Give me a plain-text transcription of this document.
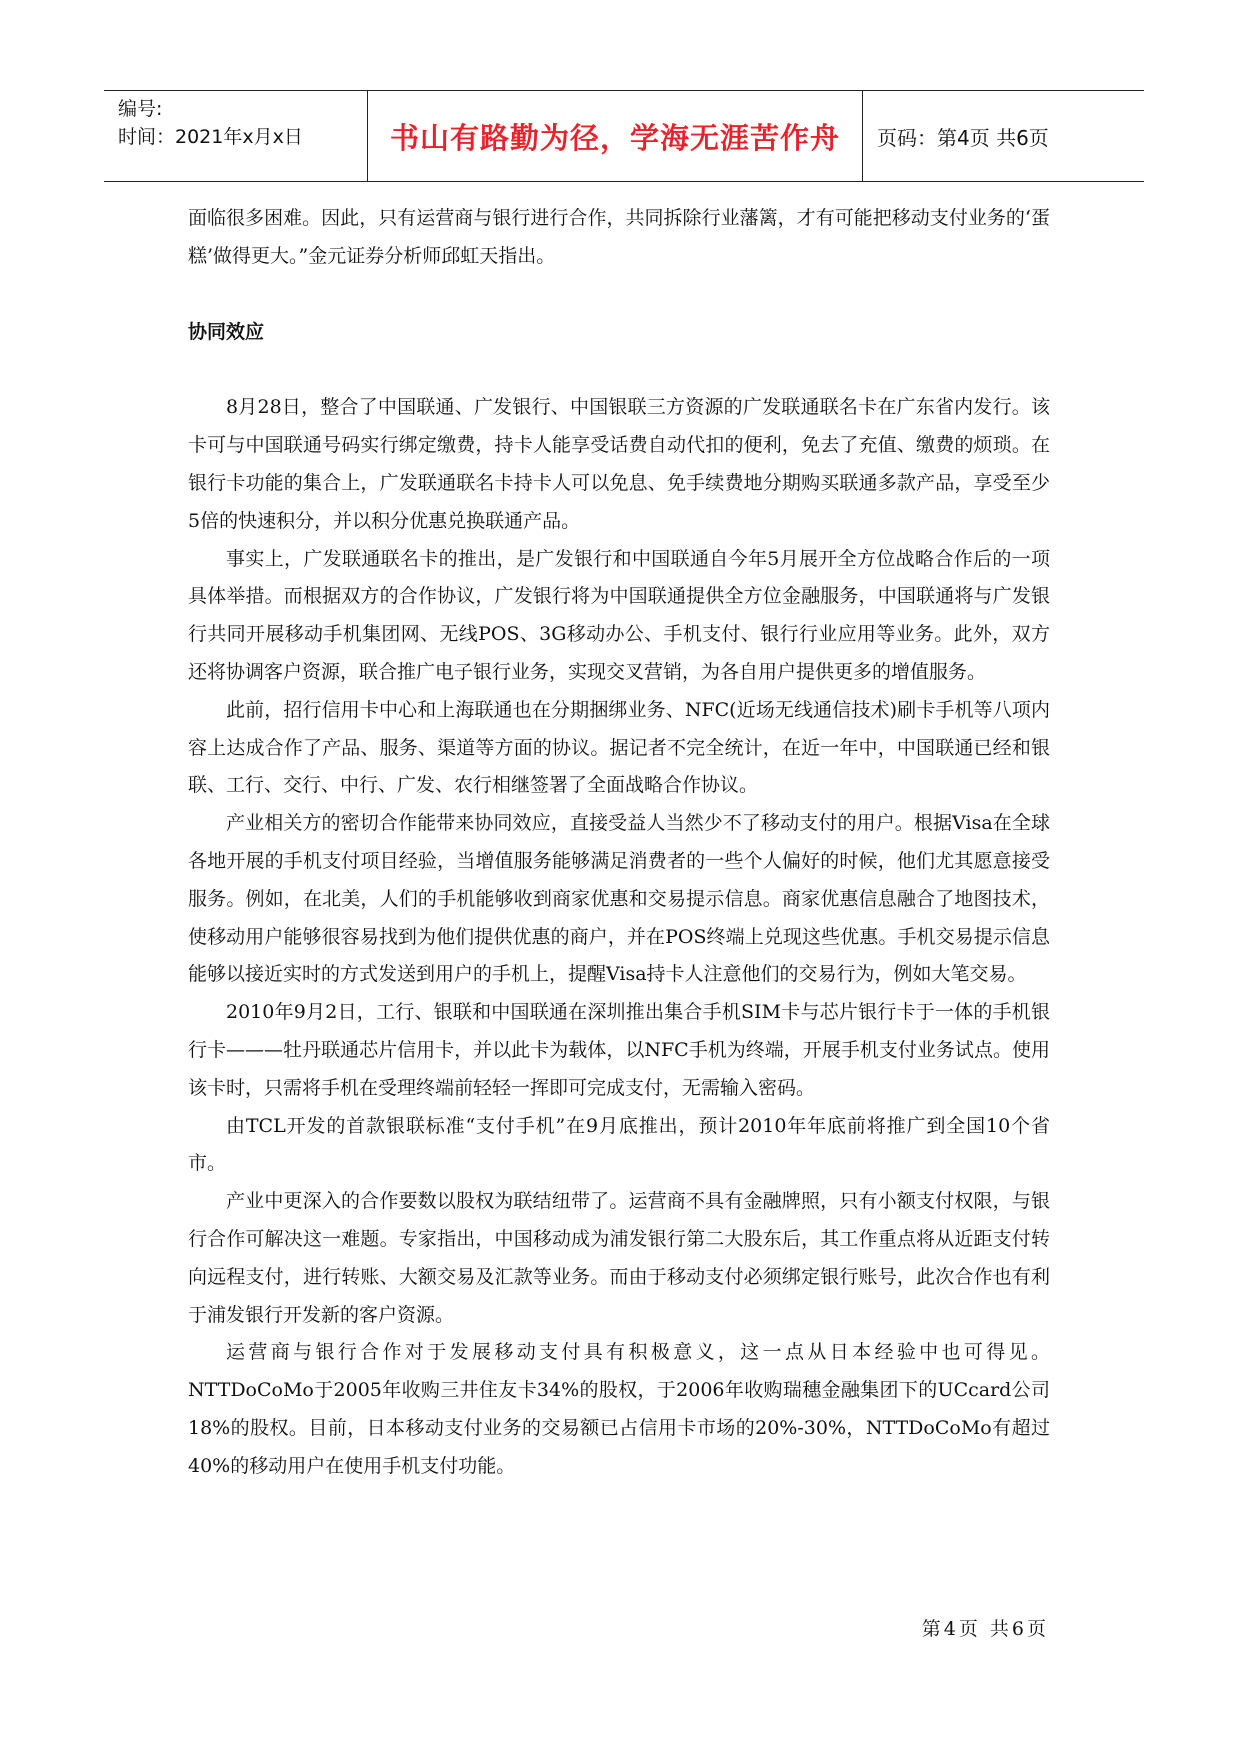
编号:
时间：2021年x月x日	书山有路勤为径，学海无涯苦作舟 页码：第4页 共6页

面临很多困难。因此，只有运营商与银行进行合作，共同拆除行业藩篱，才有可能把移动支付业务的‘蛋糕’做得更大。”金元证券分析师邱虹天指出。

协同效应

8月28日，整合了中国联通、广发银行、中国银联三方资源的广发联通联名卡在广东省内发行。该卡可与中国联通号码实行绑定缴费，持卡人能享受话费自动代扣的便利，免去了充值、缴费的烦琐。在银行卡功能的集合上，广发联通联名卡持卡人可以免息、免手续费地分期购买联通多款产品，享受至少5倍的快速积分，并以积分优惠兑换联通产品。

事实上，广发联通联名卡的推出，是广发银行和中国联通自今年5月展开全方位战略合作后的一项具体举措。而根据双方的合作协议，广发银行将为中国联通提供全方位金融服务，中国联通将与广发银行共同开展移动手机集团网、无线POS、3G移动办公、手机支付、银行行业应用等业务。此外，双方还将协调客户资源，联合推广电子银行业务，实现交叉营销，为各自用户提供更多的增值服务。

此前，招行信用卡中心和上海联通也在分期捆绑业务、NFC(近场无线通信技术)刷卡手机等八项内容上达成合作了产品、服务、渠道等方面的协议。据记者不完全统计，在近一年中，中国联通已经和银联、工行、交行、中行、广发、农行相继签署了全面战略合作协议。

产业相关方的密切合作能带来协同效应，直接受益人当然少不了移动支付的用户。根据Visa在全球各地开展的手机支付项目经验，当增值服务能够满足消费者的一些个人偏好的时候，他们尤其愿意接受服务。例如，在北美，人们的手机能够收到商家优惠和交易提示信息。商家优惠信息融合了地图技术，使移动用户能够很容易找到为他们提供优惠的商户，并在POS终端上兑现这些优惠。手机交易提示信息能够以接近实时的方式发送到用户的手机上，提醒Visa持卡人注意他们的交易行为，例如大笔交易。

2010年9月2日，工行、银联和中国联通在深圳推出集合手机SIM卡与芯片银行卡于一体的手机银行卡———牡丹联通芯片信用卡，并以此卡为载体，以NFC手机为终端，开展手机支付业务试点。使用该卡时，只需将手机在受理终端前轻轻一挥即可完成支付，无需输入密码。

由TCL开发的首款银联标准“支付手机”在9月底推出，预计2010年年底前将推广到全国10个省市。

产业中更深入的合作要数以股权为联结纽带了。运营商不具有金融牌照，只有小额支付权限，与银行合作可解决这一难题。专家指出，中国移动成为浦发银行第二大股东后，其工作重点将从近距支付转向远程支付，进行转账、大额交易及汇款等业务。而由于移动支付必须绑定银行账号，此次合作也有利于浦发银行开发新的客户资源。

运营商与银行合作对于发展移动支付具有积极意义，这一点从日本经验中也可得见。NTTDoCoMo于2005年收购三井住友卡34%的股权，于2006年收购瑞穗金融集团下的UCcard公司18%的股权。目前，日本移动支付业务的交易额已占信用卡市场的20%-30%，NTTDoCoMo有超过40%的移动用户在使用手机支付功能。

第4页 共6页
